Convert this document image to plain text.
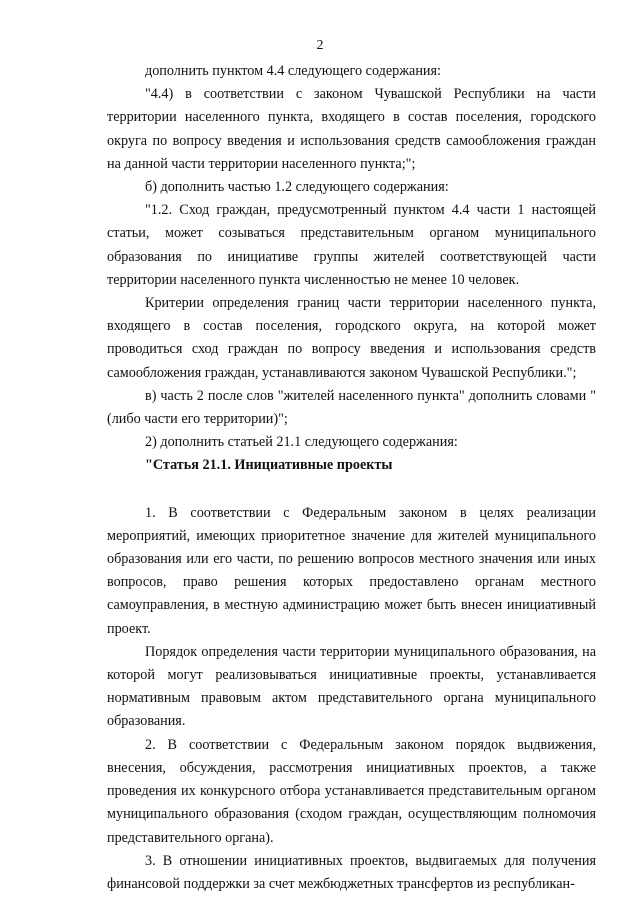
2

дополнить пунктом 4.4 следующего содержания:

"4.4) в соответствии с законом Чувашской Республики на части территории населенного пункта, входящего в состав поселения, городского округа по вопросу введения и использования средств самообложения граждан на данной части территории населенного пункта;";

б) дополнить частью 1.2 следующего содержания:

"1.2. Сход граждан, предусмотренный пунктом 4.4 части 1 настоящей статьи, может созываться представительным органом муниципального образования по инициативе группы жителей соответствующей части территории населенного пункта численностью не менее 10 человек.

Критерии определения границ части территории населенного пункта, входящего в состав поселения, городского округа, на которой может проводиться сход граждан по вопросу введения и использования средств самообложения граждан, устанавливаются законом Чувашской Республики.";

в) часть 2 после слов "жителей населенного пункта" дополнить словами "(либо части его территории)";

2) дополнить статьей 21.1 следующего содержания:

"Статья 21.1. Инициативные проекты

1. В соответствии с Федеральным законом в целях реализации мероприятий, имеющих приоритетное значение для жителей муниципального образования или его части, по решению вопросов местного значения или иных вопросов, право решения которых предоставлено органам местного самоуправления, в местную администрацию может быть внесен инициативный проект.

Порядок определения части территории муниципального образования, на которой могут реализовываться инициативные проекты, устанавливается нормативным правовым актом представительного органа муниципального образования.

2. В соответствии с Федеральным законом порядок выдвижения, внесения, обсуждения, рассмотрения инициативных проектов, а также проведения их конкурсного отбора устанавливается представительным органом муниципального образования (сходом граждан, осуществляющим полномочия представительного органа).

3. В отношении инициативных проектов, выдвигаемых для получения финансовой поддержки за счет межбюджетных трансфертов из республикан-
